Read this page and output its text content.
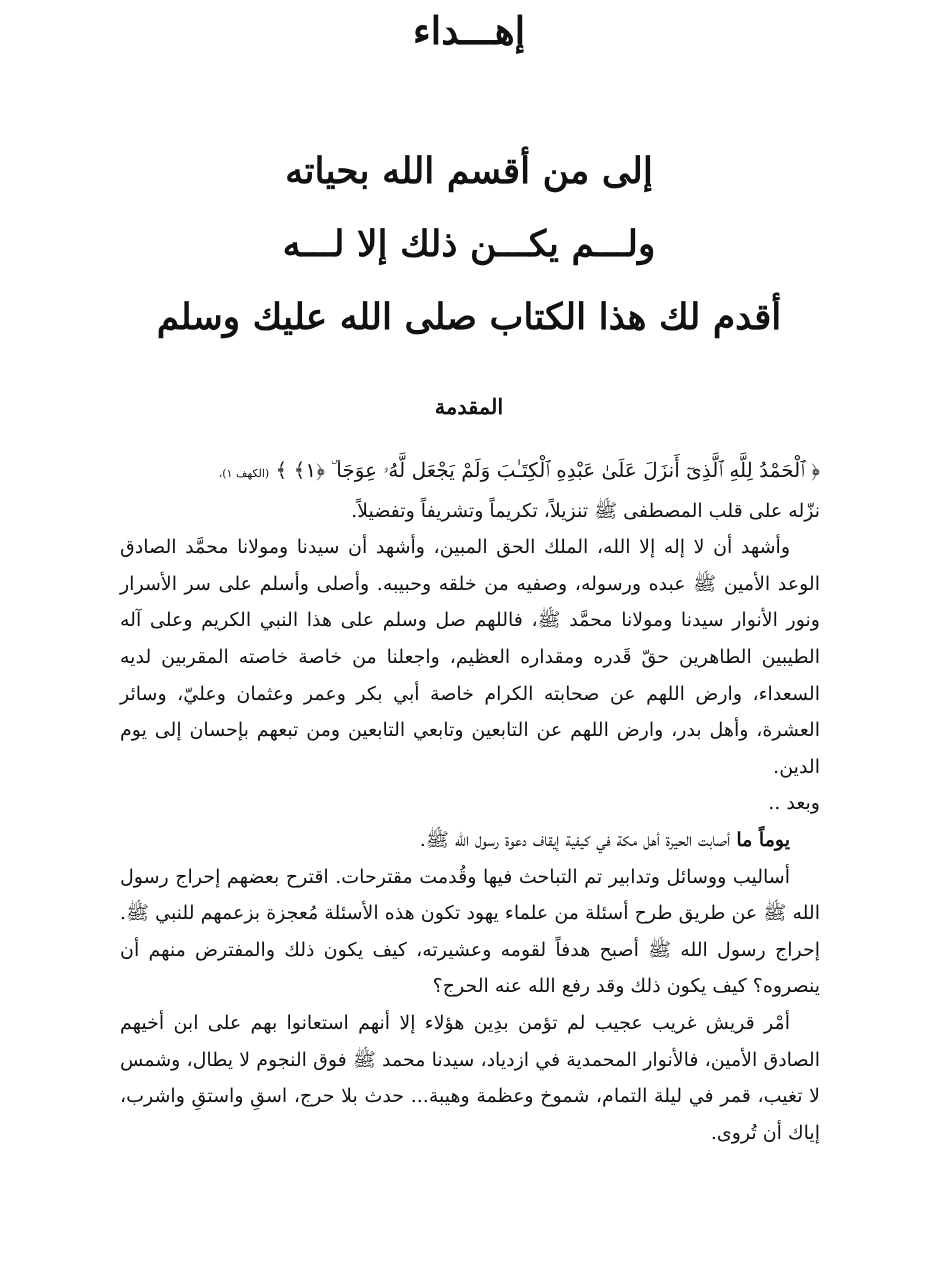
إهـــداء
إلى من أقسم الله بحياته
ولـــم يكـــن ذلك إلا لـــه
أقدم لك هذا الكتاب صلى الله عليك وسلم
المقدمة

﴿ ٱلْحَمْدُ لِلَّهِ ٱلَّذِىٓ أَنزَلَ عَلَىٰ عَبْدِهِ ٱلْكِتَـٰبَ وَلَمْ يَجْعَل لَّهُۥ عِوَجَا ۜ ﴿١﴾ ﴾ (الكهف ١)،

نزّله على قلب المصطفى ﷺ تنزيلاً، تكريماً وتشريفاً وتفضيلاً.

وأشهد أن لا إله إلا الله، الملك الحق المبين، وأشهد أن سيدنا ومولانا محمَّد الصادق الوعد الأمين ﷺ عبده ورسوله، وصفيه من خلقه وحبيبه. وأصلى وأسلم على سر الأسرار ونور الأنوار سيدنا ومولانا محمَّد ﷺ، فاللهم صل وسلم على هذا النبي الكريم وعلى آله الطيبين الطاهرين حقّ قَدره ومقداره العظيم، واجعلنا من خاصة خاصته المقربين لديه السعداء، وارض اللهم عن صحابته الكرام خاصة أبي بكر وعمر وعثمان وعليّ، وسائر العشرة، وأهل بدر، وارض اللهم عن التابعين وتابعي التابعين ومن تبعهم بإحسان إلى يوم الدين.

وبعد ..

يوماً ما أصابت الحيرة أهل مكة في كيفية إيقاف دعوة رسول الله ﷺ.

أساليب ووسائل وتدابير تم التباحث فيها وقُدمت مقترحات. اقترح بعضهم إحراج رسول الله ﷺ عن طريق طرح أسئلة من علماء يهود تكون هذه الأسئلة مُعجزة بزعمهم للنبي ﷺ. إحراج رسول الله ﷺ أصبح هدفاً لقومه وعشيرته، كيف يكون ذلك والمفترض منهم أن ينصروه؟ كيف يكون ذلك وقد رفع الله عنه الحرج؟

أمْر قريش غريب عجيب لم تؤمن بدِين هؤلاء إلا أنهم استعانوا بهم على ابن أخيهم الصادق الأمين، فالأنوار المحمدية في ازدياد، سيدنا محمد ﷺ فوق النجوم لا يطال، وشمس لا تغيب، قمر في ليلة التمام، شموخ وعظمة وهيبة... حدث بلا حرج، اسقِ واستقِ واشرب، إياك أن تُروى.
